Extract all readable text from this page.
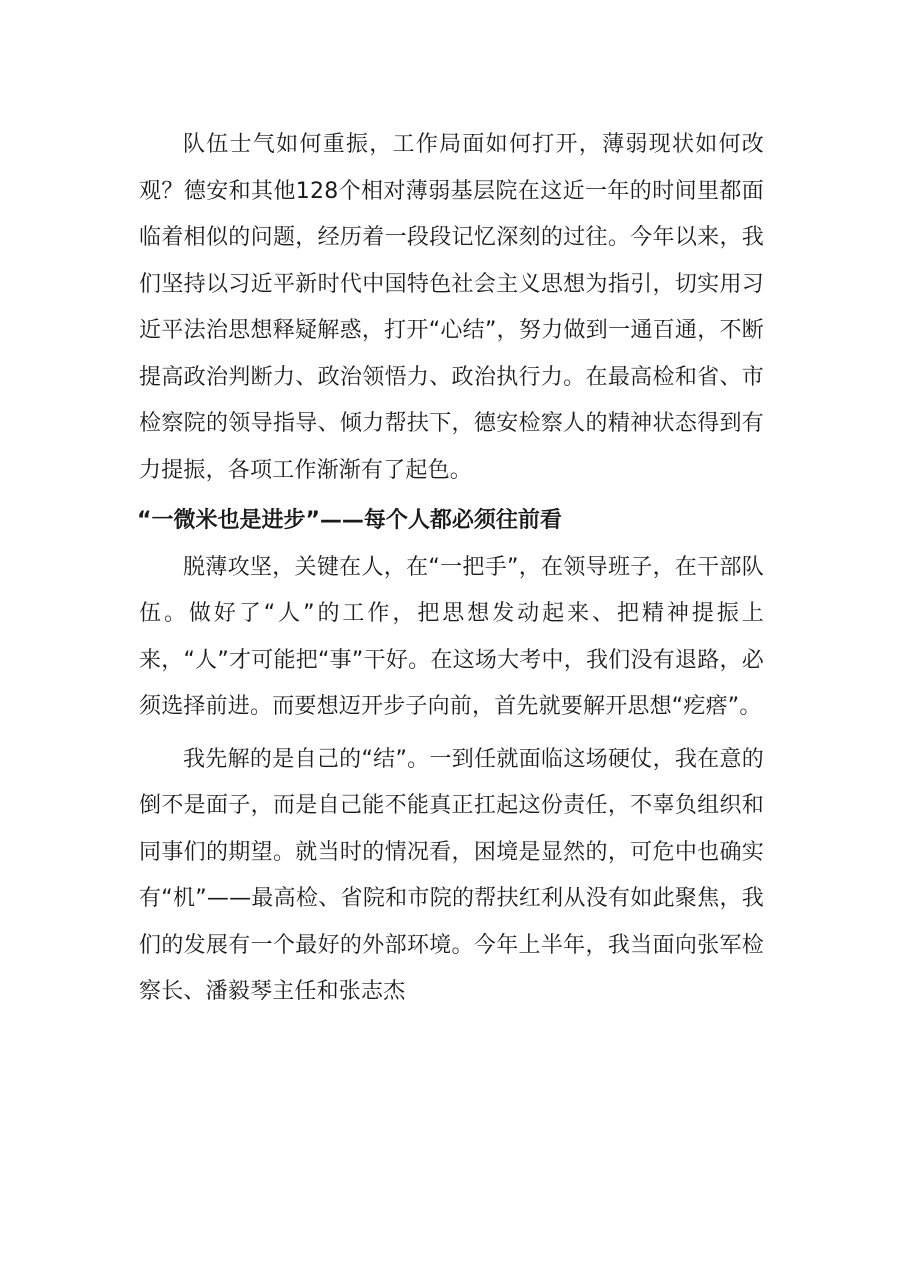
队伍士气如何重振，工作局面如何打开，薄弱现状如何改观？德安和其他128个相对薄弱基层院在这近一年的时间里都面临着相似的问题，经历着一段段记忆深刻的过往。今年以来，我们坚持以习近平新时代中国特色社会主义思想为指引，切实用习近平法治思想释疑解惑，打开“心结”，努力做到一通百通，不断提高政治判断力、政治领悟力、政治执行力。在最高检和省、市检察院的领导指导、倾力帮扶下，德安检察人的精神状态得到有力提振，各项工作渐渐有了起色。

“一微米也是进步”——每个人都必须往前看

脱薄攻坚，关键在人，在“一把手”，在领导班子，在干部队伍。做好了“人”的工作，把思想发动起来、把精神提振上来，“人”才可能把“事”干好。在这场大考中，我们没有退路，必须选择前进。而要想迈开步子向前，首先就要解开思想“疙瘩”。

我先解的是自己的“结”。一到任就面临这场硬仗，我在意的倒不是面子，而是自己能不能真正扛起这份责任，不辜负组织和同事们的期望。就当时的情况看，困境是显然的，可危中也确实有“机”——最高检、省院和市院的帮扶红利从没有如此聚焦，我们的发展有一个最好的外部环境。今年上半年，我当面向张军检察长、潘毅琴主任和张志杰
